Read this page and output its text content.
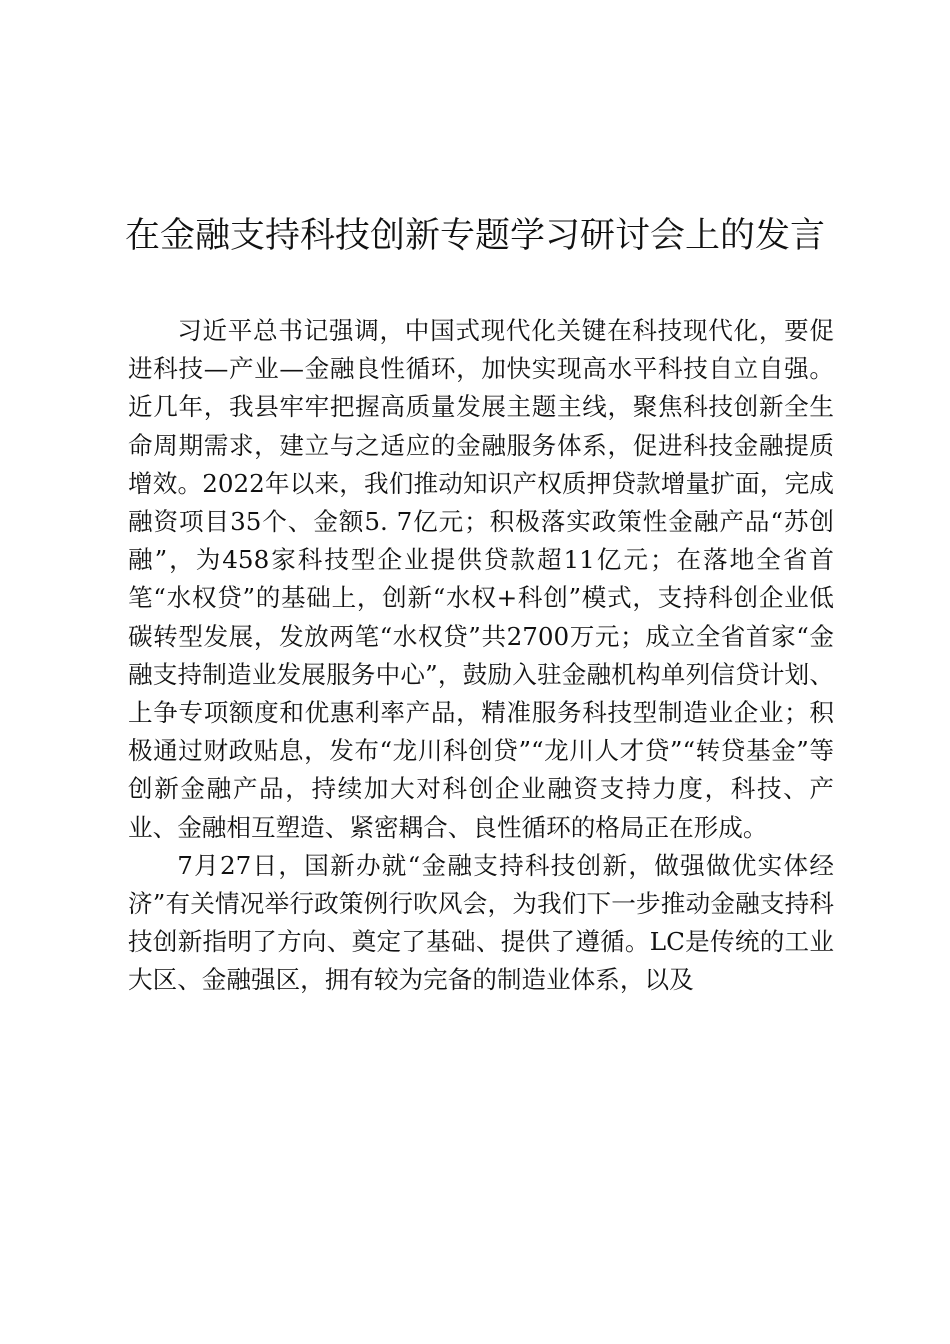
在金融支持科技创新专题学习研讨会上的发言

习近平总书记强调，中国式现代化关键在科技现代化，要促进科技—产业—金融良性循环，加快实现高水平科技自立自强。近几年，我县牢牢把握高质量发展主题主线，聚焦科技创新全生命周期需求，建立与之适应的金融服务体系，促进科技金融提质增效。2022年以来，我们推动知识产权质押贷款增量扩面，完成融资项目35个、金额5. 7亿元；积极落实政策性金融产品“苏创融”，为458家科技型企业提供贷款超11亿元；在落地全省首笔“水权贷”的基础上，创新“水权+科创”模式，支持科创企业低碳转型发展，发放两笔“水权贷”共2700万元；成立全省首家“金融支持制造业发展服务中心”，鼓励入驻金融机构单列信贷计划、上争专项额度和优惠利率产品，精准服务科技型制造业企业；积极通过财政贴息，发布“龙川科创贷”“龙川人才贷”“转贷基金”等创新金融产品，持续加大对科创企业融资支持力度，科技、产业、金融相互塑造、紧密耦合、良性循环的格局正在形成。

7月27日，国新办就“金融支持科技创新，做强做优实体经济”有关情况举行政策例行吹风会，为我们下一步推动金融支持科技创新指明了方向、奠定了基础、提供了遵循。LC是传统的工业大区、金融强区，拥有较为完备的制造业体系，以及
